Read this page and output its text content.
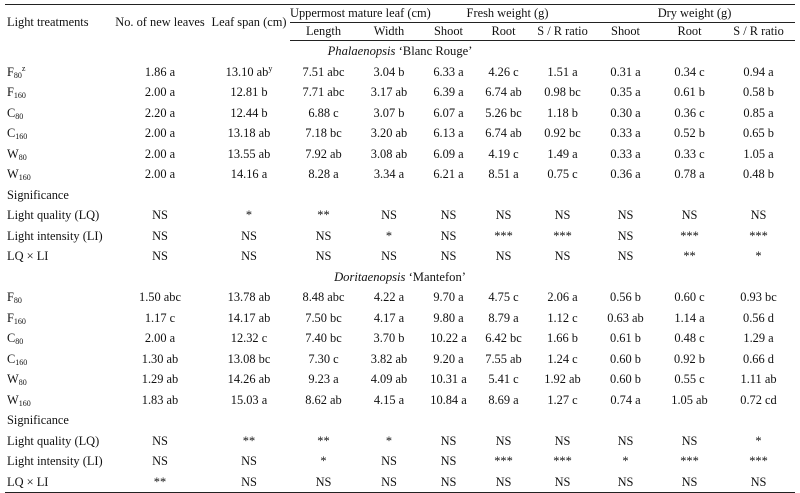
Light treatments	No. of new leaves	Leaf span (cm)	Uppermost mature leaf (cm)		Fresh weight (g)			Dry weight (g)		
			Length	Width	Shoot	Root	S / R ratio	Shoot	Root	S / R ratio
Phalaenopsis ‘Blanc Rouge’										
$F_{80}^z$	1.86 a	13.10 $ab^y$	7.51 abc	3.04 b	6.33 a	4.26 c	1.51 a	0.31 a	0.34 c	0.94 a
$F_{160}$	2.00 a	12.81 b	7.71 abc	3.17 ab	6.39 a	6.74 ab	0.98 bc	0.35 a	0.61 b	0.58 b
$C_{80}$	2.20 a	12.44 b	6.88 c	3.07 b	6.07 a	5.26 bc	1.18 b	0.30 a	0.36 c	0.85 a
$C_{160}$	2.00 a	13.18 ab	7.18 bc	3.20 ab	6.13 a	6.74 ab	0.92 bc	0.33 a	0.52 b	0.65 b
$W_{80}$	2.00 a	13.55 ab	7.92 ab	3.08 ab	6.09 a	4.19 c	1.49 a	0.33 a	0.33 c	1.05 a
$W_{160}$	2.00 a	14.16 a	8.28 a	3.34 a	6.21 a	8.51 a	0.75 c	0.36 a	0.78 a	0.48 b
Significance										
Light quality (LQ)	NS	*	**	NS	NS	NS	NS	NS	NS	NS
Light intensity (LI)	NS	NS	NS	*	NS	***	***	NS	***	***
LQ × LI	NS	NS	NS	NS	NS	NS	NS	NS	**	*
Doritaenopsis ‘Mantefon’										
$F_{80}$	1.50 abc	13.78 ab	8.48 abc	4.22 a	9.70 a	4.75 c	2.06 a	0.56 b	0.60 c	0.93 bc
$F_{160}$	1.17 c	14.17 ab	7.50 bc	4.17 a	9.80 a	8.79 a	1.12 c	0.63 ab	1.14 a	0.56 d
$C_{80}$	2.00 a	12.32 c	7.40 bc	3.70 b	10.22 a	6.42 bc	1.66 b	0.61 b	0.48 c	1.29 a
$C_{160}$	1.30 ab	13.08 bc	7.30 c	3.82 ab	9.20 a	7.55 ab	1.24 c	0.60 b	0.92 b	0.66 d
$W_{80}$	1.29 ab	14.26 ab	9.23 a	4.09 ab	10.31 a	5.41 c	1.92 ab	0.60 b	0.55 c	1.11 ab
$W_{160}$	1.83 ab	15.03 a	8.62 ab	4.15 a	10.84 a	8.69 a	1.27 c	0.74 a	1.05 ab	0.72 cd
Significance										
Light quality (LQ)	NS	**	**	*	NS	NS	NS	NS	NS	*
Light intensity (LI)	NS	NS	*	NS	NS	***	***	*	***	***
LQ × LI	**	NS	NS	NS	NS	NS	NS	NS	NS	NS
